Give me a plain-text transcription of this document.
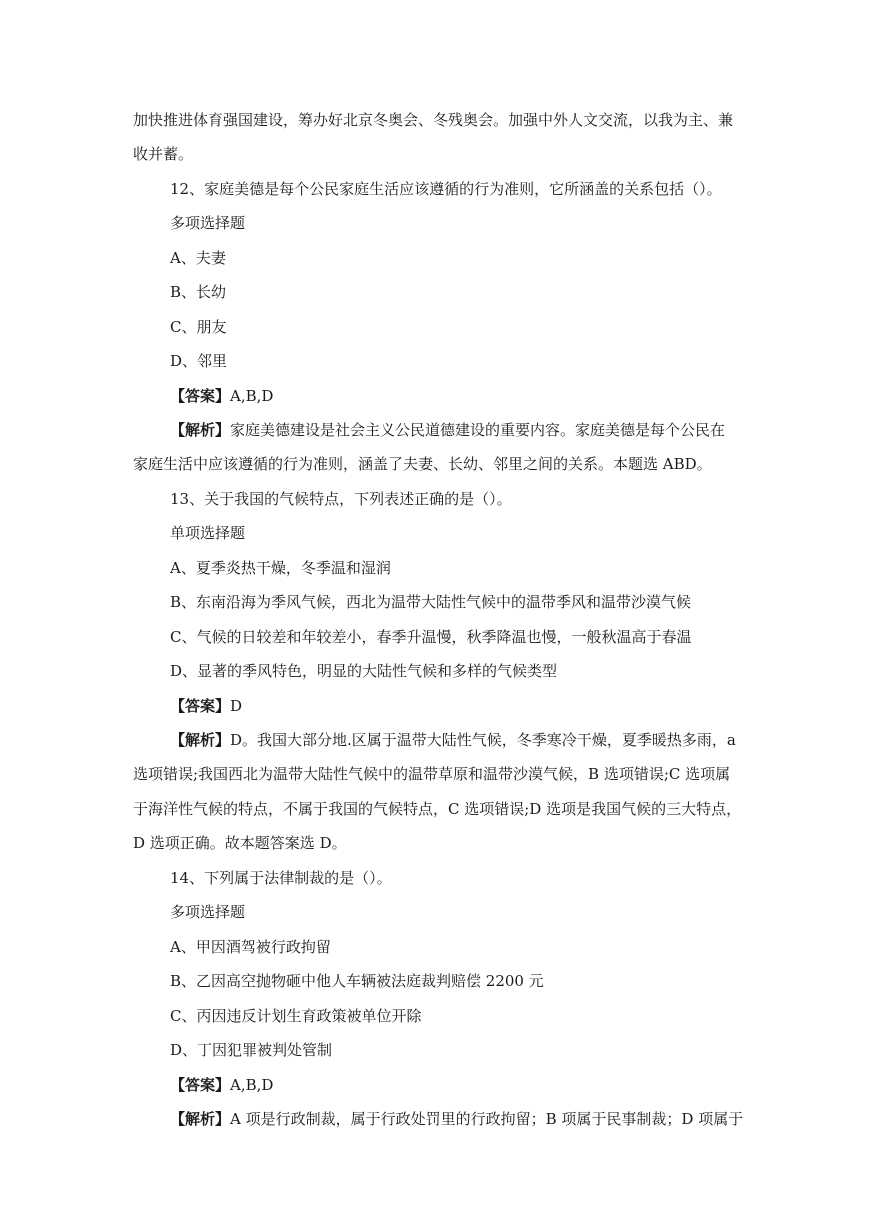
加快推进体育强国建设，筹办好北京冬奥会、冬残奥会。加强中外人文交流，以我为主、兼
收并蓄。
12、家庭美德是每个公民家庭生活应该遵循的行为准则，它所涵盖的关系包括（）。
多项选择题
A、夫妻
B、长幼
C、朋友
D、邻里
【答案】A,B,D
【解析】家庭美德建设是社会主义公民道德建设的重要内容。家庭美德是每个公民在
家庭生活中应该遵循的行为准则，涵盖了夫妻、长幼、邻里之间的关系。本题选 ABD。
13、关于我国的气候特点，下列表述正确的是（）。
单项选择题
A、夏季炎热干燥，冬季温和湿润
B、东南沿海为季风气候，西北为温带大陆性气候中的温带季风和温带沙漠气候
C、气候的日较差和年较差小，春季升温慢，秋季降温也慢，一般秋温高于春温
D、显著的季风特色，明显的大陆性气候和多样的气候类型
【答案】D
【解析】D。我国大部分地.区属于温带大陆性气候，冬季寒冷干燥，夏季暖热多雨，a
选项错误;我国西北为温带大陆性气候中的温带草原和温带沙漠气候，B 选项错误;C 选项属
于海洋性气候的特点，不属于我国的气候特点，C 选项错误;D 选项是我国气候的三大特点，
D 选项正确。故本题答案选 D。
14、下列属于法律制裁的是（）。
多项选择题
A、甲因酒驾被行政拘留
B、乙因高空抛物砸中他人车辆被法庭裁判赔偿 2200 元
C、丙因违反计划生育政策被单位开除
D、丁因犯罪被判处管制
【答案】A,B,D
【解析】A 项是行政制裁，属于行政处罚里的行政拘留；B 项属于民事制裁；D 项属于
